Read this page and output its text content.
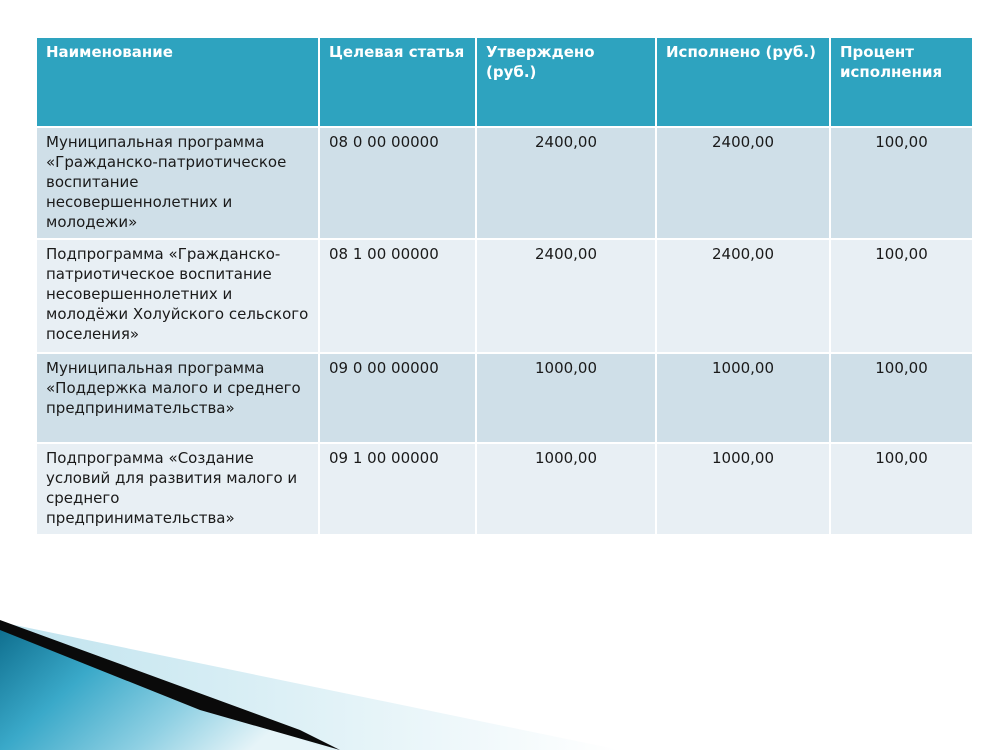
Наименование	Целевая статья	Утверждено (руб.)	Исполнено (руб.)	Процент исполнения
Муниципальная программа «Гражданско-патриотическое воспитание несовершеннолетних и молодежи»	08 0 00 00000	2400,00	2400,00	100,00
Подпрограмма «Гражданско-патриотическое воспитание несовершеннолетних и молодёжи Холуйского сельского поселения»	08 1 00 00000	2400,00	2400,00	100,00
Муниципальная программа «Поддержка малого и среднего предпринимательства»	09 0 00 00000	1000,00	1000,00	100,00
Подпрограмма «Создание условий для развития малого и среднего предпринимательства»	09 1 00 00000	1000,00	1000,00	100,00
